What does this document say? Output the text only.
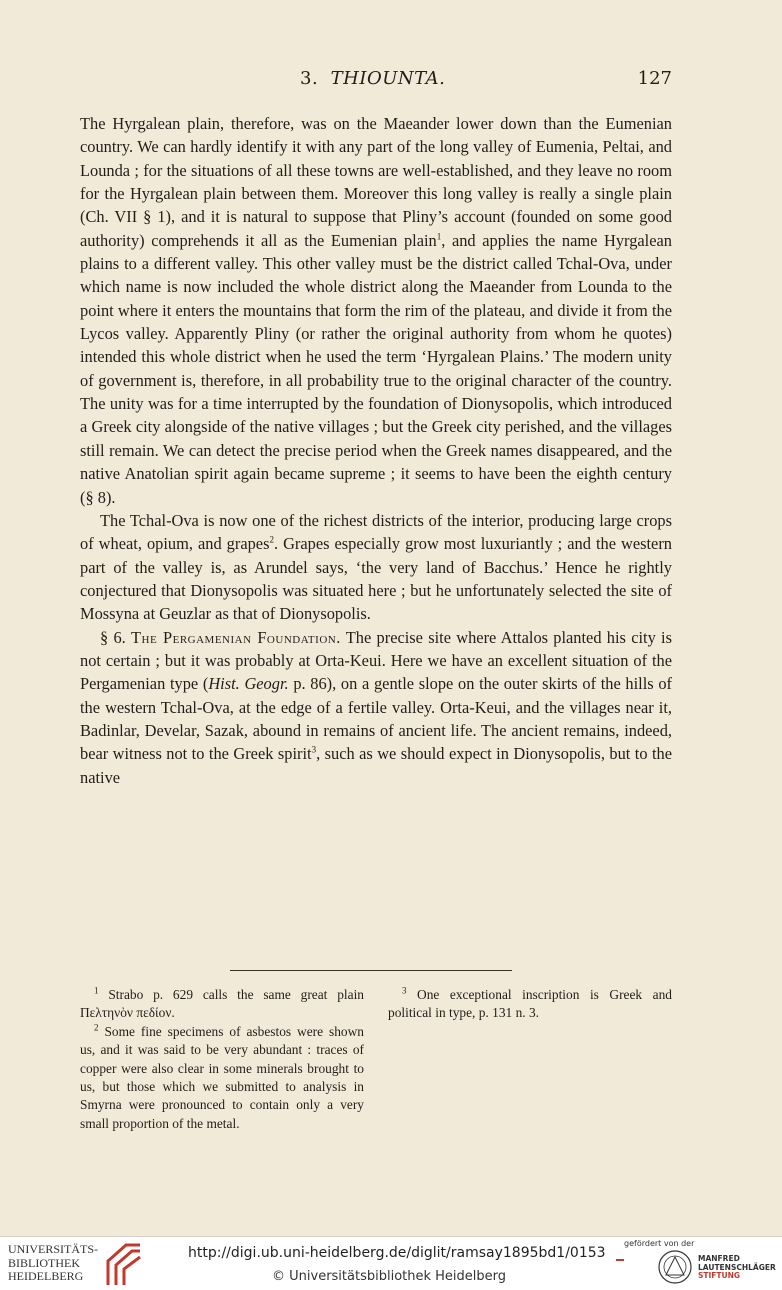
3. THIOUNTA.	127

The Hyrgalean plain, therefore, was on the Maeander lower down than the Eumenian country. We can hardly identify it with any part of the long valley of Eumenia, Peltai, and Lounda ; for the situations of all these towns are well-established, and they leave no room for the Hyrgalean plain between them. Moreover this long valley is really a single plain (Ch. VII § 1), and it is natural to suppose that Pliny’s account (founded on some good authority) comprehends it all as the Eumenian plain$^1$, and applies the name Hyrgalean plains to a different valley. This other valley must be the district called Tchal-Ova, under which name is now included the whole district along the Maeander from Lounda to the point where it enters the mountains that form the rim of the plateau, and divide it from the Lycos valley. Apparently Pliny (or rather the original authority from whom he quotes) intended this whole district when he used the term ‘Hyrgalean Plains.’ The modern unity of government is, therefore, in all probability true to the original character of the country. The unity was for a time interrupted by the foundation of Dionysopolis, which introduced a Greek city alongside of the native villages ; but the Greek city perished, and the villages still remain. We can detect the precise period when the Greek names disappeared, and the native Anatolian spirit again became supreme ; it seems to have been the eighth century (§ 8).

The Tchal-Ova is now one of the richest districts of the interior, producing large crops of wheat, opium, and grapes$^2$. Grapes especially grow most luxuriantly ; and the western part of the valley is, as Arundel says, ‘the very land of Bacchus.’ Hence he rightly conjectured that Dionysopolis was situated here ; but he unfortunately selected the site of Mossyna at Geuzlar as that of Dionysopolis.

§ 6. The Pergamenian Foundation. The precise site where Attalos planted his city is not certain ; but it was probably at Orta-Keui. Here we have an excellent situation of the Pergamenian type (Hist. Geogr. p. 86), on a gentle slope on the outer skirts of the hills of the western Tchal-Ova, at the edge of a fertile valley. Orta-Keui, and the villages near it, Badinlar, Develar, Sazak, abound in remains of ancient life. The ancient remains, indeed, bear witness not to the Greek spirit$^3$, such as we should expect in Dionysopolis, but to the native

$^1$ Strabo p. 629 calls the same great plain Πελτηνὸν πεδίον.

$^2$ Some fine specimens of asbestos were shown us, and it was said to be very abundant : traces of copper were also clear in some minerals brought to us, but those which we submitted to analysis in Smyrna were pronounced to contain only a very small proportion of the metal.

$^3$ One exceptional inscription is Greek and political in type, p. 131 n. 3.

UNIVERSITÄTS-
BIBLIOTHEK
HEIDELBERG
http://digi.ub.uni-heidelberg.de/diglit/ramsay1895bd1/0153
© Universitätsbibliothek Heidelberg
gefördert von der
MANFRED
LAUTENSCHLÄGER
STIFTUNG
